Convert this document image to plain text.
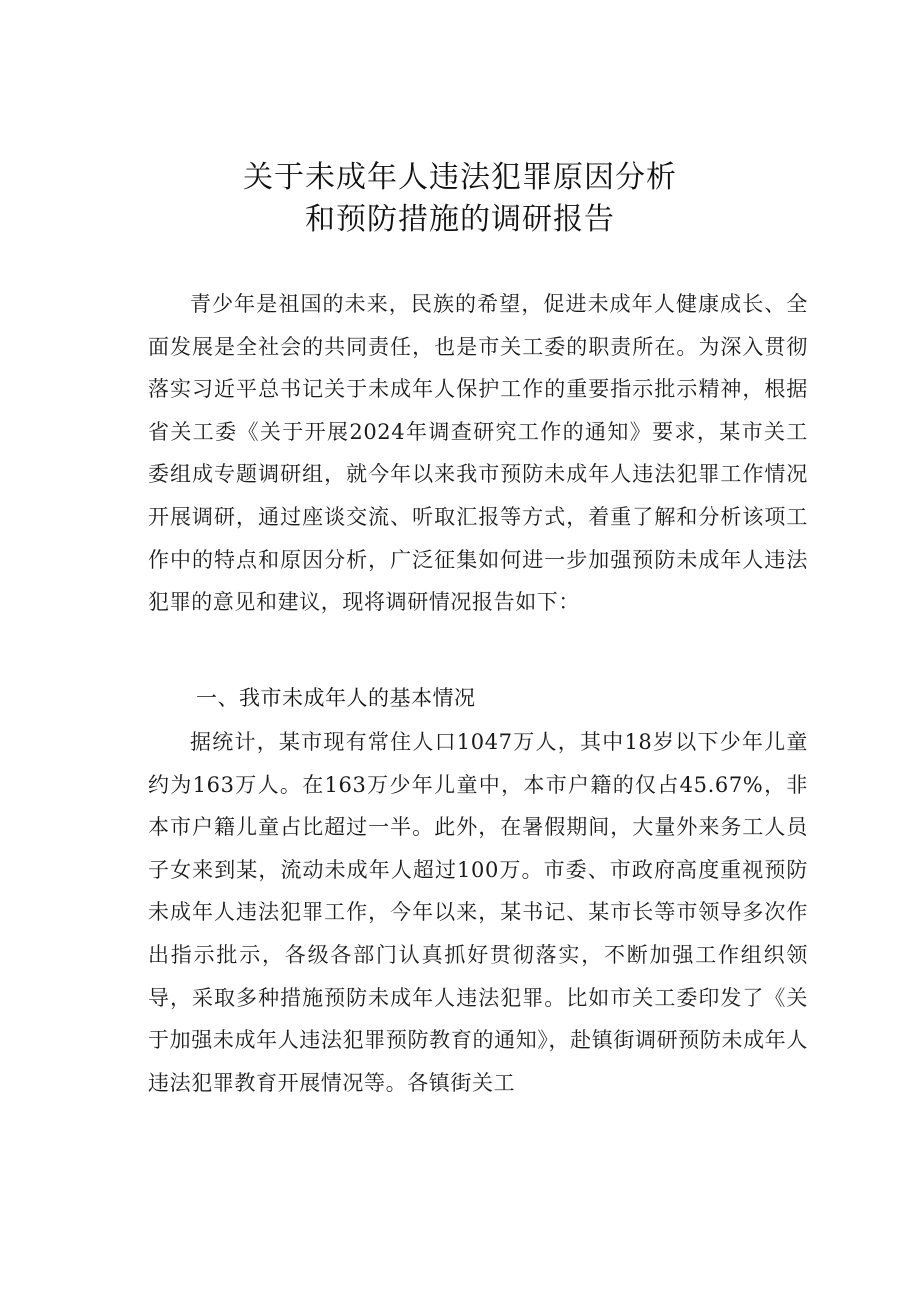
关于未成年人违法犯罪原因分析
和预防措施的调研报告

青少年是祖国的未来，民族的希望，促进未成年人健康成长、全面发展是全社会的共同责任，也是市关工委的职责所在。为深入贯彻落实习近平总书记关于未成年人保护工作的重要指示批示精神，根据省关工委《关于开展2024年调查研究工作的通知》要求，某市关工委组成专题调研组，就今年以来我市预防未成年人违法犯罪工作情况开展调研，通过座谈交流、听取汇报等方式，着重了解和分析该项工作中的特点和原因分析，广泛征集如何进一步加强预防未成年人违法犯罪的意见和建议，现将调研情况报告如下：

一、我市未成年人的基本情况

据统计，某市现有常住人口1047万人，其中18岁以下少年儿童约为163万人。在163万少年儿童中，本市户籍的仅占45.67%，非本市户籍儿童占比超过一半。此外，在暑假期间，大量外来务工人员子女来到某，流动未成年人超过100万。市委、市政府高度重视预防未成年人违法犯罪工作，今年以来，某书记、某市长等市领导多次作出指示批示，各级各部门认真抓好贯彻落实，不断加强工作组织领导，采取多种措施预防未成年人违法犯罪。比如市关工委印发了《关于加强未成年人违法犯罪预防教育的通知》，赴镇街调研预防未成年人违法犯罪教育开展情况等。各镇街关工
